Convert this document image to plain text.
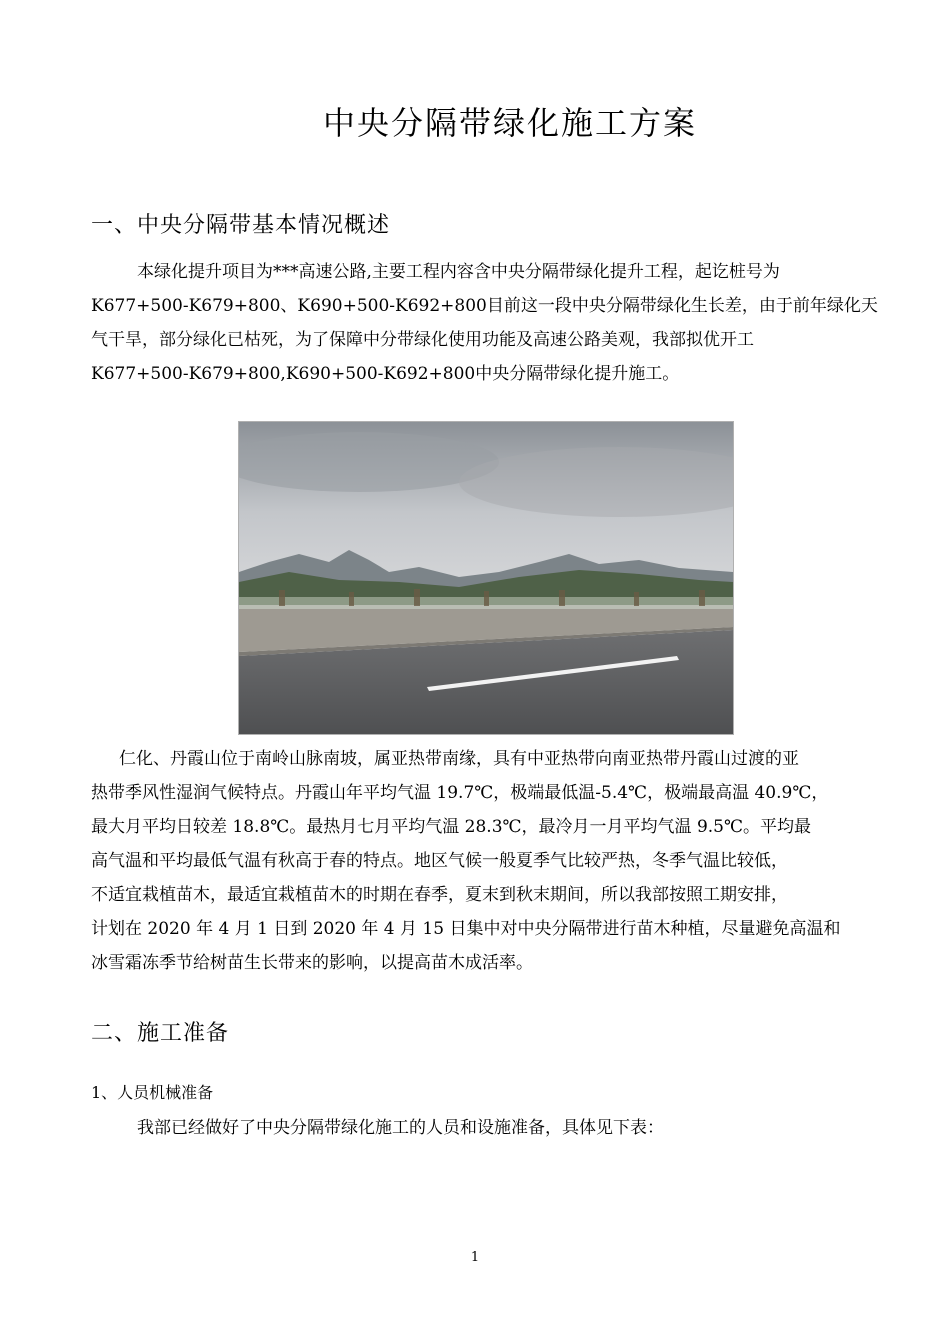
中央分隔带绿化施工方案
一、中央分隔带基本情况概述
本绿化提升项目为***高速公路,主要工程内容含中央分隔带绿化提升工程，起讫桩号为
K677+500-K679+800、K690+500-K692+800目前这一段中央分隔带绿化生长差，由于前年绿化天
气干旱，部分绿化已枯死，为了保障中分带绿化使用功能及高速公路美观，我部拟优开工
K677+500-K679+800,K690+500-K692+800中央分隔带绿化提升施工。
仁化、丹霞山位于南岭山脉南坡，属亚热带南缘，具有中亚热带向南亚热带丹霞山过渡的亚
热带季风性湿润气候特点。丹霞山年平均气温 19.7℃，极端最低温-5.4℃，极端最高温 40.9℃，
最大月平均日较差 18.8℃。最热月七月平均气温 28.3℃，最冷月一月平均气温 9.5℃。平均最
高气温和平均最低气温有秋高于春的特点。地区气候一般夏季气比较严热，冬季气温比较低，
不适宜栽植苗木，最适宜栽植苗木的时期在春季，夏末到秋末期间，所以我部按照工期安排，
计划在 2020 年 4 月 1 日到 2020 年 4 月 15 日集中对中央分隔带进行苗木种植，尽量避免高温和
冰雪霜冻季节给树苗生长带来的影响，以提高苗木成活率。
二、施工准备
1、人员机械准备
我部已经做好了中央分隔带绿化施工的人员和设施准备，具体见下表：
1
